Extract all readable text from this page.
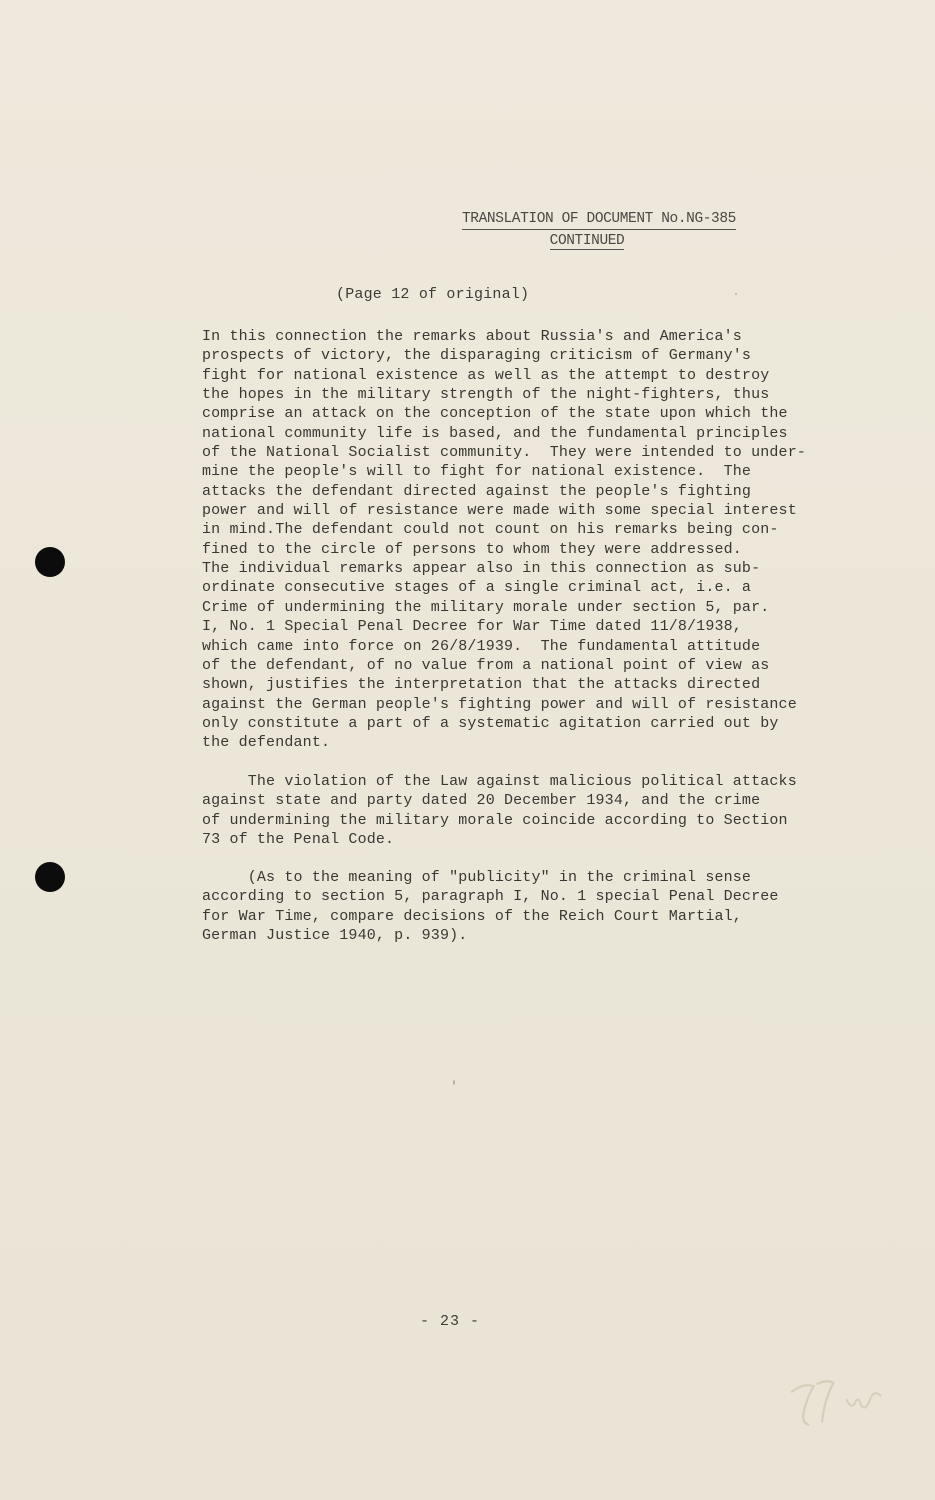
TRANSLATION OF DOCUMENT No.NG-385
CONTINUED
(Page 12 of original)
In this connection the remarks about Russia's and America's
prospects of victory, the disparaging criticism of Germany's
fight for national existence as well as the attempt to destroy
the hopes in the military strength of the night-fighters, thus
comprise an attack on the conception of the state upon which the
national community life is based, and the fundamental principles
of the National Socialist community.  They were intended to under-
mine the people's will to fight for national existence.  The
attacks the defendant directed against the people's fighting
power and will of resistance were made with some special interest
in mind.The defendant could not count on his remarks being con-
fined to the circle of persons to whom they were addressed.
The individual remarks appear also in this connection as sub-
ordinate consecutive stages of a single criminal act, i.e. a
Crime of undermining the military morale under section 5, par.
I, No. 1 Special Penal Decree for War Time dated 11/8/1938,
which came into force on 26/8/1939.  The fundamental attitude
of the defendant, of no value from a national point of view as
shown, justifies the interpretation that the attacks directed
against the German people's fighting power and will of resistance
only constitute a part of a systematic agitation carried out by
the defendant.
The violation of the Law against malicious political attacks
against state and party dated 20 December 1934, and the crime
of undermining the military morale coincide according to Section
73 of the Penal Code.
(As to the meaning of "publicity" in the criminal sense
according to section 5, paragraph I, No. 1 special Penal Decree
for War Time, compare decisions of the Reich Court Martial,
German Justice 1940, p. 939).
- 23 -
